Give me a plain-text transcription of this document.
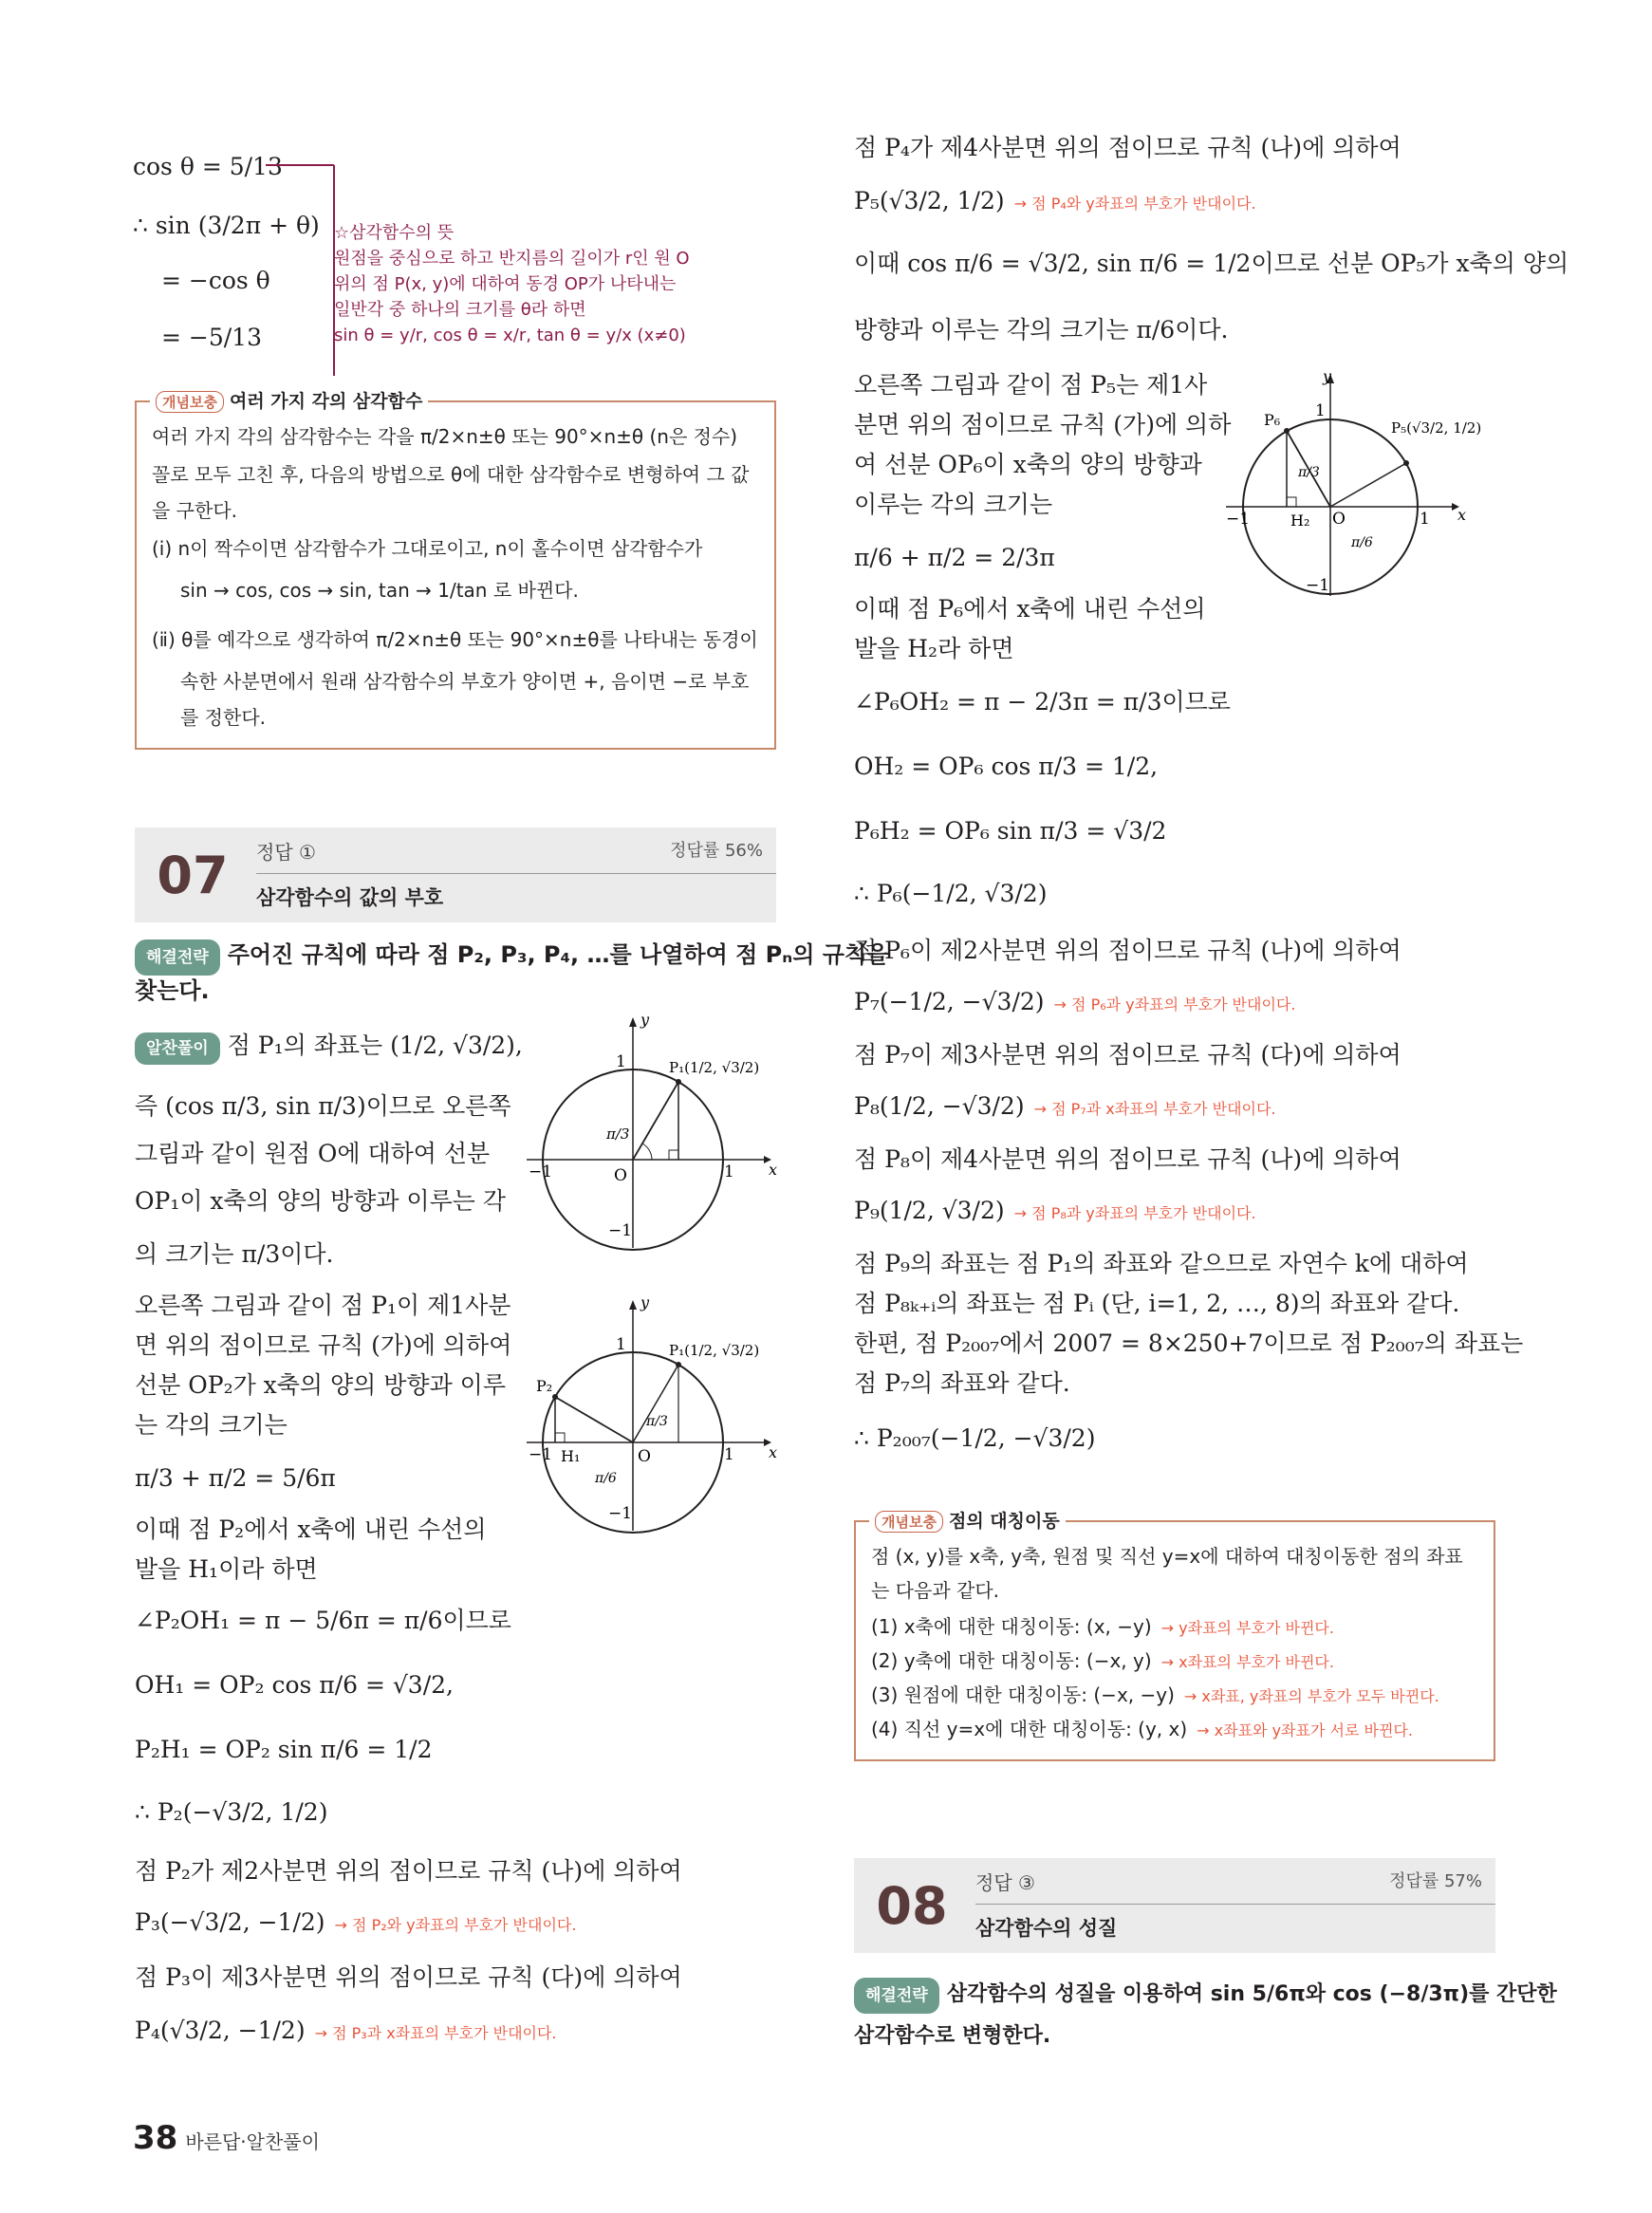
cos θ = 5/13
∴ sin (3/2π + θ)
= −cos θ
= −5/13
☆삼각함수의 뜻
원점을 중심으로 하고 반지름의 길이가 r인 원 O
위의 점 P(x, y)에 대하여 동경 OP가 나타내는
일반각 중 하나의 크기를 θ라 하면
sin θ = y/r, cos θ = x/r, tan θ = y/x (x≠0)
개념보충 여러 가지 각의 삼각함수
여러 가지 각의 삼각함수는 각을 π/2×n±θ 또는 90°×n±θ (n은 정수)
꼴로 모두 고친 후, 다음의 방법으로 θ에 대한 삼각함수로 변형하여 그 값
을 구한다.
(ⅰ) n이 짝수이면 삼각함수가 그대로이고, n이 홀수이면 삼각함수가
sin → cos, cos → sin, tan → 1/tan 로 바뀐다.
(ⅱ) θ를 예각으로 생각하여 π/2×n±θ 또는 90°×n±θ를 나타내는 동경이
속한 사분면에서 원래 삼각함수의 부호가 양이면 +, 음이면 −로 부호
를 정한다.
07	정답 ①	정답률 56%
삼각함수의 값의 부호
해결전략 주어진 규칙에 따라 점 P₂, P₃, P₄, …를 나열하여 점 Pₙ의 규칙을
찾는다.
알찬풀이 점 P₁의 좌표는 (1/2, √3/2),
즉 (cos π/3, sin π/3)이므로 오른쪽
그림과 같이 원점 O에 대하여 선분
OP₁이 x축의 양의 방향과 이루는 각
의 크기는 π/3이다.
오른쪽 그림과 같이 점 P₁이 제1사분
면 위의 점이므로 규칙 (가)에 의하여
선분 OP₂가 x축의 양의 방향과 이루
는 각의 크기는
π/3 + π/2 = 5/6π
이때 점 P₂에서 x축에 내린 수선의
발을 H₁이라 하면
∠P₂OH₁ = π − 5/6π = π/6이므로
OH₁ = OP₂ cos π/6 = √3/2,
P₂H₁ = OP₂ sin π/6 = 1/2
∴ P₂(−√3/2, 1/2)
점 P₂가 제2사분면 위의 점이므로 규칙 (나)에 의하여
P₃(−√3/2, −1/2) → 점 P₂와 y좌표의 부호가 반대이다.
점 P₃이 제3사분면 위의 점이므로 규칙 (다)에 의하여
P₄(√3/2, −1/2) → 점 P₃과 x좌표의 부호가 반대이다.
y
x
1
1
−1
−1
O
π/3
P₁(1/2, √3/2)
y
x
1
1
−1
−1
O
H₁
π/3
π/6
P₁(1/2, √3/2)
P₂
점 P₄가 제4사분면 위의 점이므로 규칙 (나)에 의하여
P₅(√3/2, 1/2) → 점 P₄와 y좌표의 부호가 반대이다.
이때 cos π/6 = √3/2, sin π/6 = 1/2이므로 선분 OP₅가 x축의 양의
방향과 이루는 각의 크기는 π/6이다.
오른쪽 그림과 같이 점 P₅는 제1사
분면 위의 점이므로 규칙 (가)에 의하
여 선분 OP₆이 x축의 양의 방향과
이루는 각의 크기는
π/6 + π/2 = 2/3π
이때 점 P₆에서 x축에 내린 수선의
발을 H₂라 하면
∠P₆OH₂ = π − 2/3π = π/3이므로
OH₂ = OP₆ cos π/3 = 1/2,
P₆H₂ = OP₆ sin π/3 = √3/2
∴ P₆(−1/2, √3/2)
점 P₆이 제2사분면 위의 점이므로 규칙 (나)에 의하여
P₇(−1/2, −√3/2) → 점 P₆과 y좌표의 부호가 반대이다.
점 P₇이 제3사분면 위의 점이므로 규칙 (다)에 의하여
P₈(1/2, −√3/2) → 점 P₇과 x좌표의 부호가 반대이다.
점 P₈이 제4사분면 위의 점이므로 규칙 (나)에 의하여
P₉(1/2, √3/2) → 점 P₈과 y좌표의 부호가 반대이다.
점 P₉의 좌표는 점 P₁의 좌표와 같으므로 자연수 k에 대하여
점 P₈ₖ₊ᵢ의 좌표는 점 Pᵢ (단, i=1, 2, …, 8)의 좌표와 같다.
한편, 점 P₂₀₀₇에서 2007 = 8×250+7이므로 점 P₂₀₀₇의 좌표는
점 P₇의 좌표와 같다.
∴ P₂₀₀₇(−1/2, −√3/2)
y
x
1
1
−1
−1
O
H₂
π/3
π/6
P₅(√3/2, 1/2)
P₆
개념보충 점의 대칭이동
점 (x, y)를 x축, y축, 원점 및 직선 y=x에 대하여 대칭이동한 점의 좌표
는 다음과 같다.
(1) x축에 대한 대칭이동: (x, −y) → y좌표의 부호가 바뀐다.
(2) y축에 대한 대칭이동: (−x, y) → x좌표의 부호가 바뀐다.
(3) 원점에 대한 대칭이동: (−x, −y) → x좌표, y좌표의 부호가 모두 바뀐다.
(4) 직선 y=x에 대한 대칭이동: (y, x) → x좌표와 y좌표가 서로 바뀐다.
08	정답 ③	정답률 57%
삼각함수의 성질
해결전략 삼각함수의 성질을 이용하여 sin 5/6π와 cos (−8/3π)를 간단한
삼각함수로 변형한다.
38 바른답·알찬풀이
